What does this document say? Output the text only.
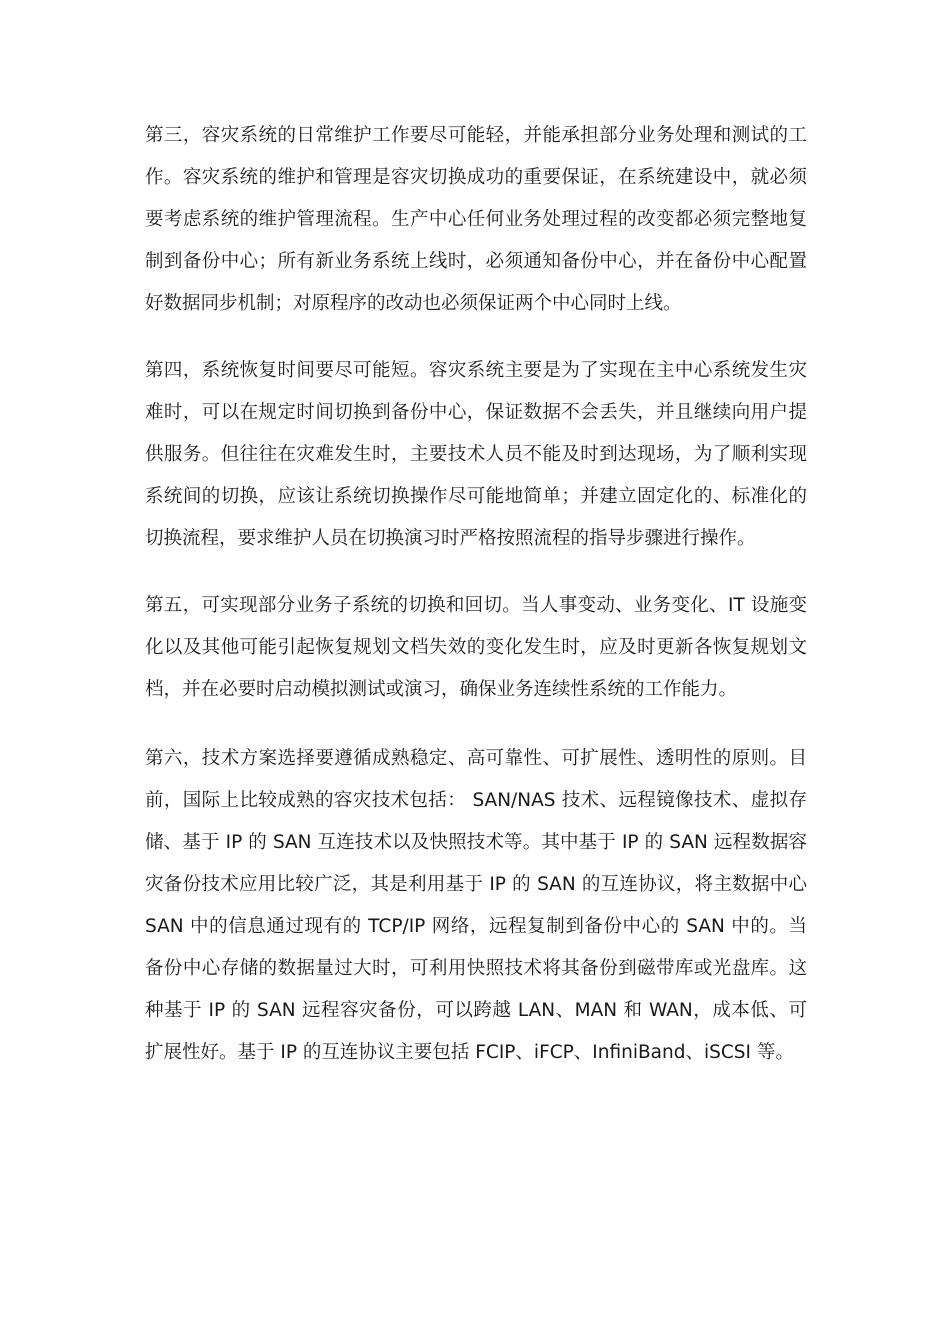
第三，容灾系统的日常维护工作要尽可能轻，并能承担部分业务处理和测试的工作。容灾系统的维护和管理是容灾切换成功的重要保证，在系统建设中，就必须要考虑系统的维护管理流程。生产中心任何业务处理过程的改变都必须完整地复制到备份中心；所有新业务系统上线时，必须通知备份中心，并在备份中心配置好数据同步机制；对原程序的改动也必须保证两个中心同时上线。

第四，系统恢复时间要尽可能短。容灾系统主要是为了实现在主中心系统发生灾难时，可以在规定时间切换到备份中心，保证数据不会丢失，并且继续向用户提供服务。但往往在灾难发生时，主要技术人员不能及时到达现场，为了顺利实现系统间的切换，应该让系统切换操作尽可能地简单；并建立固定化的、标准化的切换流程，要求维护人员在切换演习时严格按照流程的指导步骤进行操作。

第五，可实现部分业务子系统的切换和回切。当人事变动、业务变化、IT 设施变化以及其他可能引起恢复规划文档失效的变化发生时，应及时更新各恢复规划文档，并在必要时启动模拟测试或演习，确保业务连续性系统的工作能力。

第六，技术方案选择要遵循成熟稳定、高可靠性、可扩展性、透明性的原则。目前，国际上比较成熟的容灾技术包括： SAN/NAS 技术、远程镜像技术、虚拟存储、基于 IP 的 SAN 互连技术以及快照技术等。其中基于 IP 的 SAN 远程数据容灾备份技术应用比较广泛，其是利用基于 IP 的 SAN 的互连协议，将主数据中心 SAN 中的信息通过现有的 TCP/IP 网络，远程复制到备份中心的 SAN 中的。当备份中心存储的数据量过大时，可利用快照技术将其备份到磁带库或光盘库。这种基于 IP 的 SAN 远程容灾备份，可以跨越 LAN、MAN 和 WAN，成本低、可扩展性好。基于 IP 的互连协议主要包括 FCIP、iFCP、InfiniBand、iSCSI 等。
